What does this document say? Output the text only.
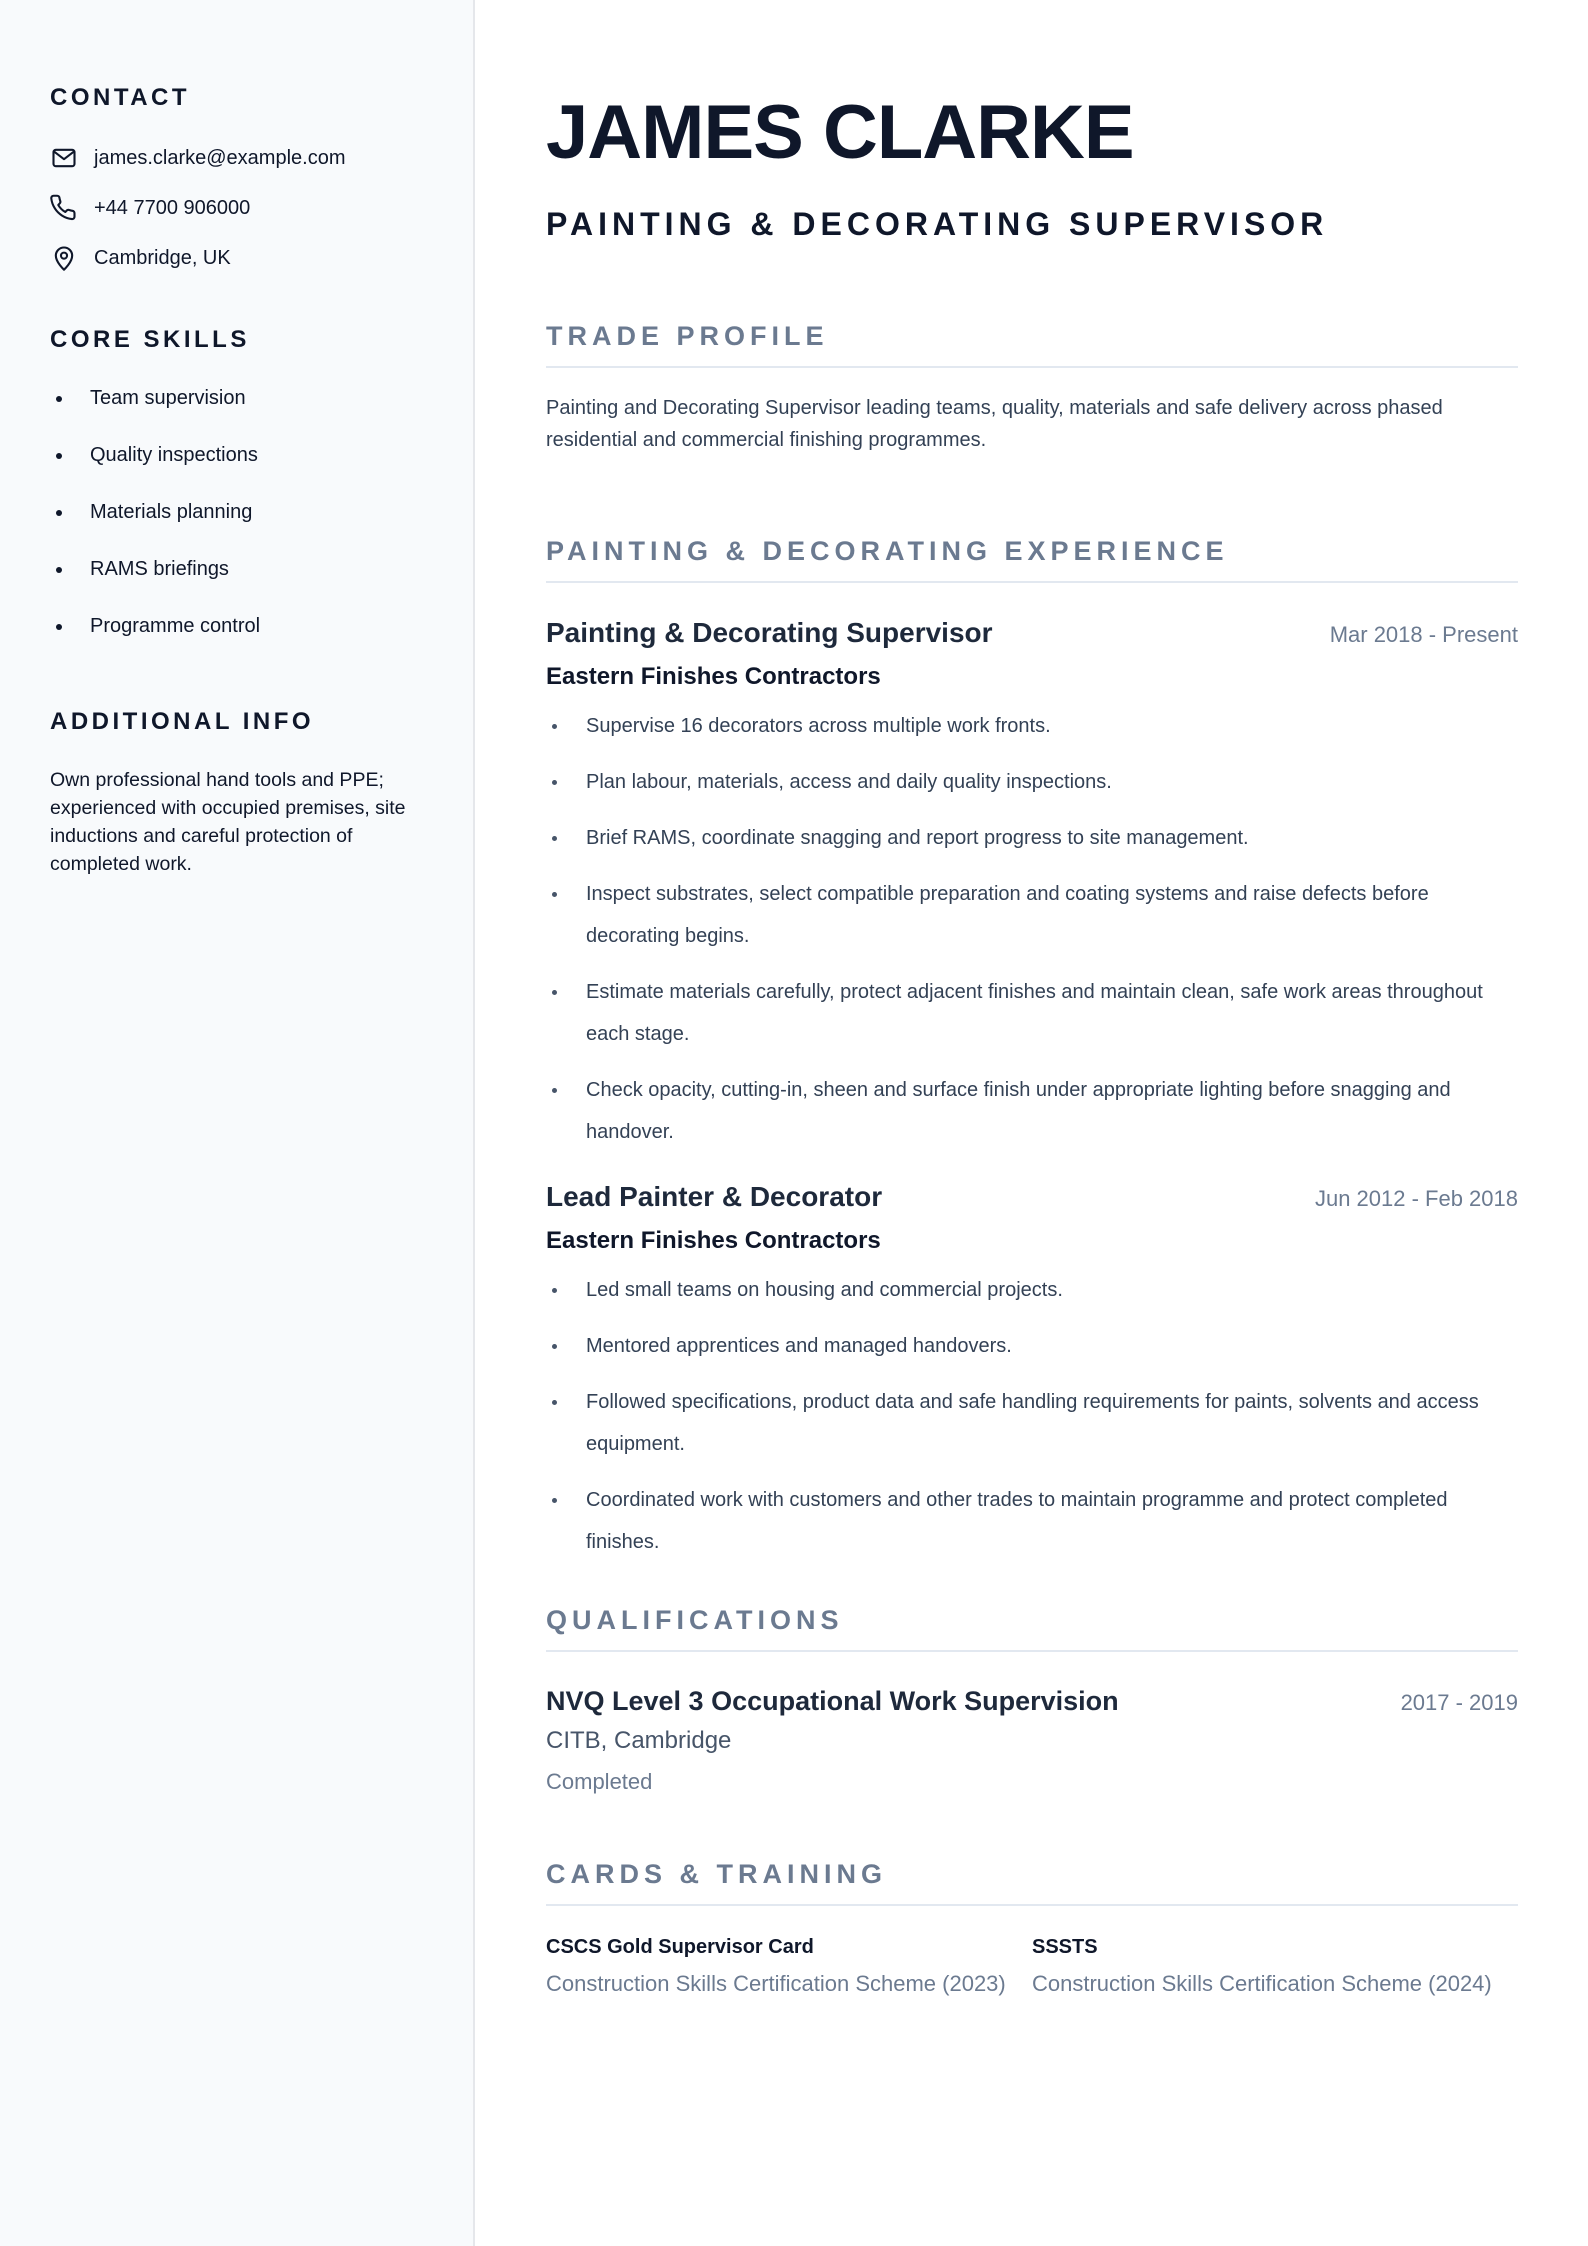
CONTACT
james.clarke@example.com
+44 7700 906000
Cambridge, UK
CORE SKILLS
Team supervision
Quality inspections
Materials planning
RAMS briefings
Programme control
ADDITIONAL INFO

Own professional hand tools and PPE; experienced with occupied premises, site inductions and careful protection of completed work.

JAMES CLARKE
PAINTING & DECORATING SUPERVISOR
TRADE PROFILE

Painting and Decorating Supervisor leading teams, quality, materials and safe delivery across phased residential and commercial finishing programmes.

PAINTING & DECORATING EXPERIENCE
Painting & Decorating Supervisor	Mar 2018 - Present
Eastern Finishes Contractors
Supervise 16 decorators across multiple work fronts.
Plan labour, materials, access and daily quality inspections.
Brief RAMS, coordinate snagging and report progress to site management.
Inspect substrates, select compatible preparation and coating systems and raise defects before decorating begins.
Estimate materials carefully, protect adjacent finishes and maintain clean, safe work areas throughout each stage.
Check opacity, cutting-in, sheen and surface finish under appropriate lighting before snagging and handover.
Lead Painter & Decorator	Jun 2012 - Feb 2018
Eastern Finishes Contractors
Led small teams on housing and commercial projects.
Mentored apprentices and managed handovers.
Followed specifications, product data and safe handling requirements for paints, solvents and access equipment.
Coordinated work with customers and other trades to maintain programme and protect completed finishes.
QUALIFICATIONS
NVQ Level 3 Occupational Work Supervision	2017 - 2019
CITB, Cambridge
Completed
CARDS & TRAINING
CSCS Gold Supervisor Card
Construction Skills Certification Scheme (2023)
SSSTS
Construction Skills Certification Scheme (2024)
